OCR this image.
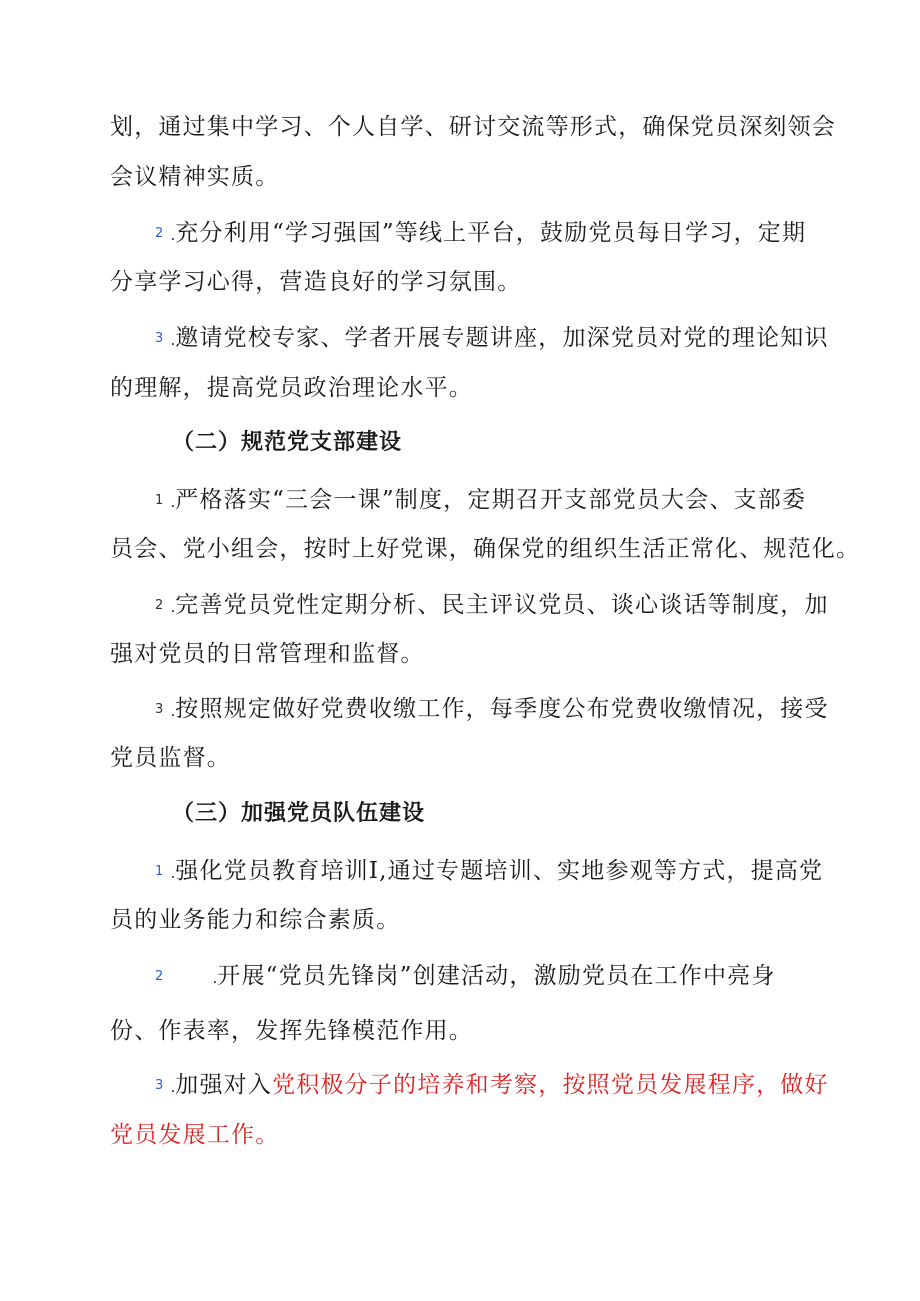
划，通过集中学习、个人自学、研讨交流等形式，确保党员深刻领会
会议精神实质。
2 .充分利用“学习强国”等线上平台，鼓励党员每日学习，定期
分享学习心得，营造良好的学习氛围。
3 .邀请党校专家、学者开展专题讲座，加深党员对党的理论知识
的理解，提高党员政治理论水平。
（二）规范党支部建设
1 .严格落实“三会一课”制度，定期召开支部党员大会、支部委
员会、党小组会，按时上好党课，确保党的组织生活正常化、规范化。
2 .完善党员党性定期分析、民主评议党员、谈心谈话等制度，加
强对党员的日常管理和监督。
3 .按照规定做好党费收缴工作，每季度公布党费收缴情况，接受
党员监督。
（三）加强党员队伍建设
1 .强化党员教育培训I,通过专题培训、实地参观等方式，提高党
员的业务能力和综合素质。
2	.开展“党员先锋岗”创建活动，激励党员在工作中亮身
份、作表率，发挥先锋模范作用。
3 .加强对入党积极分子的培养和考察，按照党员发展程序，做好
党员发展工作。
